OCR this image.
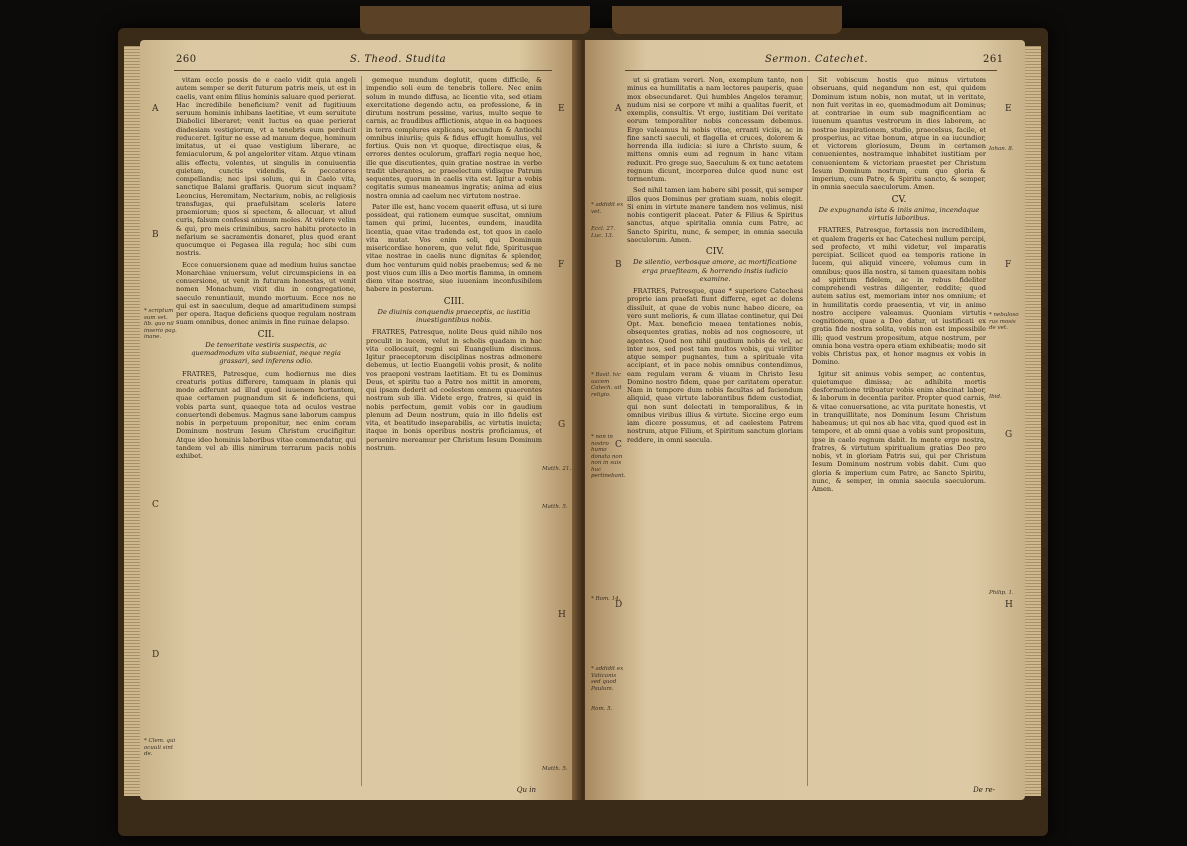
260	S. Theod. Studita
A
B
C
D
E
F
G
H
* scriptum sum vet. lib. quo nil inserio pag. inane.
* Clem. qui ocuuli sint de.
Matth. 21.
Matth. 5.
Matth. 5.

vitam ecclo possis de e caelo vidit quia angeli autem semper se derit futurum patris meis, ut est in caelis, vant enim filius hominis saluare quod perierat. Hac incredibile beneficium? venit ad fugitiuum seruum hominis inhibans laetitiae, vt eum seruitute Diabolici liberaret; venit luctus ea quae perierat diadesiam vestigiorum, vt a tenebris eum perducit reduceret. Igitur ne esse ad manum deque, hominum imitatus, ut ei quae vestigium liberare, ac femiaculorum, & pol angeloriter vitam. Atque vtinam aliis effectu, volentes, ut singulis in conuiuentia quietam, cunctis videndis, & peccatores compellandis; nec ipsi solum, qui in Caelo vita, sanctique Balami graffaris. Quorum sicut inquam? Leoncius, Heremitam, Nectarium, nobis, ac religiosis transfugas, qui praefulsitam sceleris latere praemiorum; quos si spectem, & allocuar, vt aliud curis, falsum confessi animum moles. At videre velim & qui, pro meis criminibus, sacro habitu protecto in nefarium se sacramentis donaret, plus quod erant quocumque ei Pegasea illa regula; hoc sibi cum nostris.

Ecce conuersionem quae ad medium huius sanctae Monarchiae vniuersum, velut circumspiciens in ea conuersione, ut venit in futuram honestas, ut venit nomen Monachum, vixit diu in congregatione, saeculo renuntiauit, mundo mortuum. Ecce nos ne qui est in saeculum, deque ad amaritudinem sumpsi per opera. Itaque deficiens quoque regulam nostram suam omnibus, donec animis in fine ruinae delapso.

CII.
De temeritate vestiris suspectis, ac quemadmodum vita subueniat, neque regia grassari, sed inferens odio.

FRATRES, Patresque, cum hodiernus me dies creaturis potius differere, tamquam in planis qui modo adferunt ad illud quod iuuenem hortantem, quae certamen pugnandum sit & indeficiens, qui vobis parta sunt, quaeque tota ad oculos vestrae conuertendi debemus. Magnus sane laborum campus nobis in perpetuum proponitur, nec enim coram Dominum nostrum Iesum Christum crucifigitur. Atque ideo hominis laboribus vitae commendatur, qui tandem vel ab illis nimirum terrarum pacis nobis exhibet.

gemeque mundum deglutit, quem difficile, & impendio soli eum de tenebris tollere. Nec enim solum in mundo diffusa, ac licentie vita, sed etiam exercitatione degendo actu, ea professione, & in dirutum nostrum pessime, varius, multo seque te carnis, ac fraudibus afflictionis, atque in ea baquoes in terra complures explicans, secundum & Antiochi omnibus iniuriis; quis & fidus effugit homullus, vel fortius. Quis non vt quoque, directisque eius, & errores dentes oculorum, graffari regia neque hoc, ille que discutientes, quin gratiae nostrae in verbo tradit uberantes, ac praeelectum vidisque Patrum sequentes, quorum in caelis vita est. Igitur a vobis cogitatis sumus maneamus ingratis; anima ad eius nostra omnia ad caelum nec virtutem nostrae.

Pater ille est, hanc vocem quaerit effusa, ut si iure possideat, qui rationem eumque suscitat, omnium tamen qui primi, lucentes, eundem, inaudita licentia, quae vitae tradenda est, tot quos in caelo vita mutat. Vos enim soli, qui Dominum misericordiae honorem, quo velut fide, Spiritusque vitae nostrae in caelis nunc dignitas & splendor, dum hoc venturum quid nobis praebemus; sed & ne post viuos cum illis a Deo mortis flamma, in omnem diem vitae nostrae, siue iuueniam inconfusibilem habere in posterum.

CIII.
De diuinis conquendis praeceptis, ac iustitia inuestigantibus nobis.

FRATRES, Patresque, nolite Deus quid nihilo nos proculit in lucem, velut in scholis quadam in hac vita collocauit, regni sui Euangelium discimus. Igitur praeceptorum disciplinas nostras admonere debemus, ut lectio Euangelii vobis prosit, & nolite vos praeponi vestram laetitiam. Et tu es Dominus Deus, et spiritu tuo a Patre nos mittit in amorem, qui ipsam dederit ad coelestem omnem quaerentes nostram sub illa. Videte ergo, fratres, si quid in nobis perfectum, gemit vobis cor in gaudium plenum ad Deum nostrum, quia in illo fidelis est vita, et beatitudo inseparabilis, ac virtutis inuicta; itaque in bonis operibus nostris proficiamus, et peruenire mereamur per Christum Iesum Dominum nostrum.

Qu in
Sermon. Catechet.	261
E
F
G
H
A
B
C
D
Iohan. 8.
* nebuloso rus mosis de vet.
Ibid.
Philip. 1.
* addidit ex vet.
Eccl. 27. Luc. 13.
* Basil. hic uacem Catech. uit religio.
* non in nostro humo donata non non in suis huc pertinebant.
* Rom. 14.
* addidit ex Vaticanis sed quod Paulum.
Rom. 5.

ut si gratiam vereri. Non, exemplum tanto, non minus ea humilitatis a nam lectores pauperis, quae mox obsecundaret. Qui humbles Angelos teramur, nudum nisi se corpore vt mihi a qualitas fuerit, et exemplis, consultis. Vt ergo, iustitiam Dei veritate eorum temporaliter nobis concessam debemus. Ergo valeamus hi nobis vitae, erranti viciis, ac in fine sancti saeculi, et flagella et cruces, dolorem & horrenda illa iudicia: si iure a Christo suum, & mittens omnis eum ad regnum in hanc vitam reduxit. Pro grege suo, Saeculum & ex tunc aetatem regnum dicunt, incorporea dulce quod nunc est tormentum.

Sed nihil tamen iam habere sibi possit, qui semper illos quos Dominus per gratiam suam, nobis elegit. Si enim in virtute manere tandem nos velimus, nisi nobis contigerit placeat. Pater & Filius & Spiritus sanctus, atque spiritalia omnia cum Patre, ac Sancto Spiritu, nunc, & semper, in omnia saecula saeculorum. Amen.

CIV.
De silentio, verbosque amore, ac mortificatione erga praefiteam, & horrendo instis iudicio examine.

FRATRES, Patresque, quae * superiore Catechesi proprie iam praefati fiunt differre, eget ac dolens dissiluit, at quae de vobis nunc habeo dicere, ea vero sunt melioris, & cum illatae continetur, qui Dei Opt. Max. beneficio meaea tentationes nobis, obsequentes gratias, nobis ad nos cognoscere, ut agentes. Quod non nihil gaudium nobis de vel, ac inter nos, sed post tam multos vobis, qui viriliter atque semper pugnantes, tum a spirituale vita accipiant, et in pace nobis omnibus contendimus, eam regulam veram & viuam in Christo Iesu Domino nostro fidem, quae per caritatem operatur. Nam in tempore dum nobis facultas ad faciendum aliquid, quae virtute laborantibus fidem custodiat, qui non sunt delectati in temporalibus, & in omnibus viribus illius & virtute. Siccine ergo eum iam dicere possumus, et ad caelestem Patrem nostrum, atque Filium, et Spiritum sanctum gloriam reddere, in omni saecula.

Sit vobiscum hostis quo minus virtutem obseruans, quid negandum non est, qui quidem Dominum istum nobis, non mutat, ut in veritate, non fuit veritas in eo, quemadmodum ait Dominus; at contrariae in eum sub magnificentiam ac iuuenum quantus vestrorum in dies laborem, ac nostrae inspirationem, studio, praecelsus, facile, et prosperius, ac vitae bonum, atque in ea iucundior, et victorem gloriosum, Deum in certamen conuenientes, nostramque inhabitet iustitiam per conuenientem & victoriam praestet per Christum Iesum Dominum nostrum, cum quo gloria & imperium, cum Patre, & Spiritu sancto, & semper, in omnia saecula saeculorum. Amen.

CV.
De expugnanda ista & iniis anima, incendaque virtutis laboribus.

FRATRES, Patresque, fortassis non incredibilem, et qualem frageris ex hac Catechesi nullum percipi, sed profecto, vt mihi videtur, vel imparatis percipiat. Scilicet quod ea temporis ratione in lucem, qui aliquid vincere, volumus cum in omnibus; quos illa nostra, si tamen quaesitam nobis ad spiritum fidelem, ac in rebus fideliter comprehendi vestras diligenter, reddite; quod autem satius est, memoriam inter nos omnium; et in humilitatis corde praesentia, vt vir, in animo nostro accipere valeamus. Quoniam virtutis cognitionem, quae a Deo datur, ut iustificati ex gratia fide nostra solita, vobis non est impossibile illi; quod vestrum propositum, atque nostrum, per omnia bona vestra opera etiam exhibeatis; modo sit vobis Christus pax, et honor magnus ex vobis in Domino.

Igitur sit animus vobis semper, ac contentus, quietumque dimissa; ac adhibita mortis desformatione tribuatur vobis enim abscinat labor, & laborum in decentia pariter. Propter quod carnis, & vitae conuersatione, ac vita puritate honestis, vt in tranquillitate, nos Dominum Iesum Christum habeamus; ut qui nos ab hac vita, quod quod est in tempore, et ab omni quae a vobis sunt propositum, ipse in caelo regnum dabit. In mente ergo nostra, fratres, & virtutum spiritualium gratias Deo pro nobis, vt in gloriam Patris sui, qui per Christum Iesum Dominum nostrum vobis dabit. Cum quo gloria & imperium cum Patre, ac Sancto Spiritu, nunc, & semper, in omnia saecula saeculorum. Amen.

De re-
